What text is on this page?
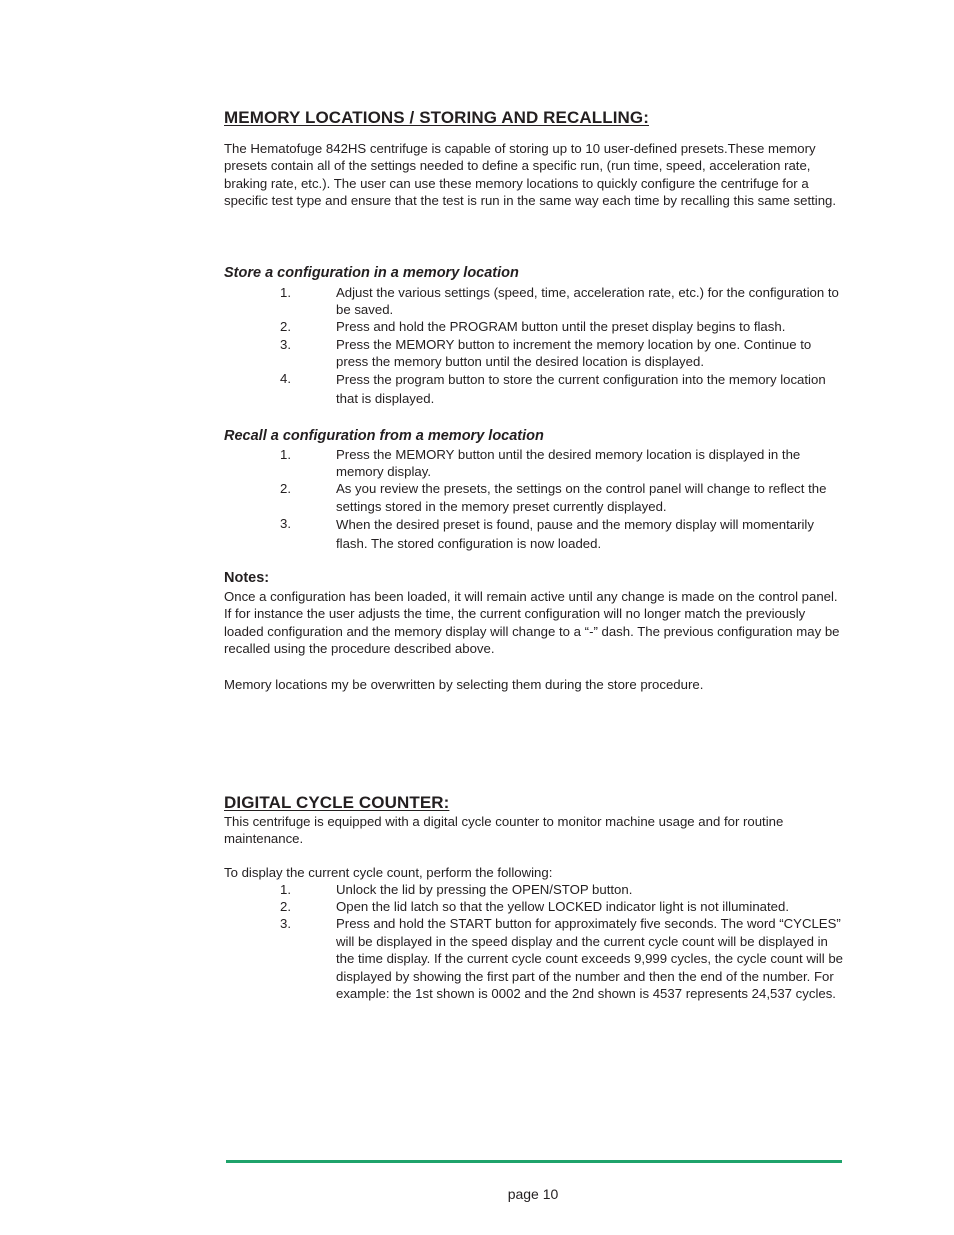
MEMORY LOCATIONS / STORING AND RECALLING:
The Hematofuge 842HS centrifuge is capable of storing up to 10 user-defined presets.These memory presets contain all of the settings needed to define a specific run, (run time, speed, acceleration rate, braking rate, etc.). The user can use these memory locations to quickly configure the centrifuge for a specific test type and ensure that the test is run in the same way each time by recalling this same setting.
Store a configuration in a memory location
1.	Adjust the various settings (speed, time, acceleration rate, etc.) for the configuration to be saved.
2.	Press and hold the PROGRAM button until the preset display begins to flash.
3.	Press the MEMORY button to increment the memory location by one. Continue to press the memory button until the desired location is displayed.
4.	Press the program button to store the current configuration into the memory location that is displayed.
Recall a configuration from a memory location
1.	Press the MEMORY button until the desired memory location is displayed in the memory display.
2.	As you review the presets, the settings on the control panel will change to reflect the settings stored in the memory preset currently displayed.
3.	When the desired preset is found, pause and the memory display will momentarily flash. The stored configuration is now loaded.
Notes:
Once a configuration has been loaded, it will remain active until any change is made on the control panel. If for instance the user adjusts the time, the current configuration will no longer match the previously loaded configuration and the memory display will change to a “-” dash. The previous configuration may be recalled using the procedure described above.
Memory locations my be overwritten by selecting them during the store procedure.
DIGITAL CYCLE COUNTER:
This centrifuge is equipped with a digital cycle counter to monitor machine usage and for routine maintenance.
To display the current cycle count, perform the following:
1.	Unlock the lid by pressing the OPEN/STOP button.
2.	Open the lid latch so that the yellow LOCKED indicator light is not illuminated.
3.	Press and hold the START button for approximately five seconds. The word “CYCLES” will be displayed in the speed display and the current cycle count will be displayed in the time display. If the current cycle count exceeds 9,999 cycles, the cycle count will be displayed by showing the first part of the number and then the end of the number. For example: the 1st shown is 0002 and the 2nd shown is 4537 represents 24,537 cycles.
page 10
